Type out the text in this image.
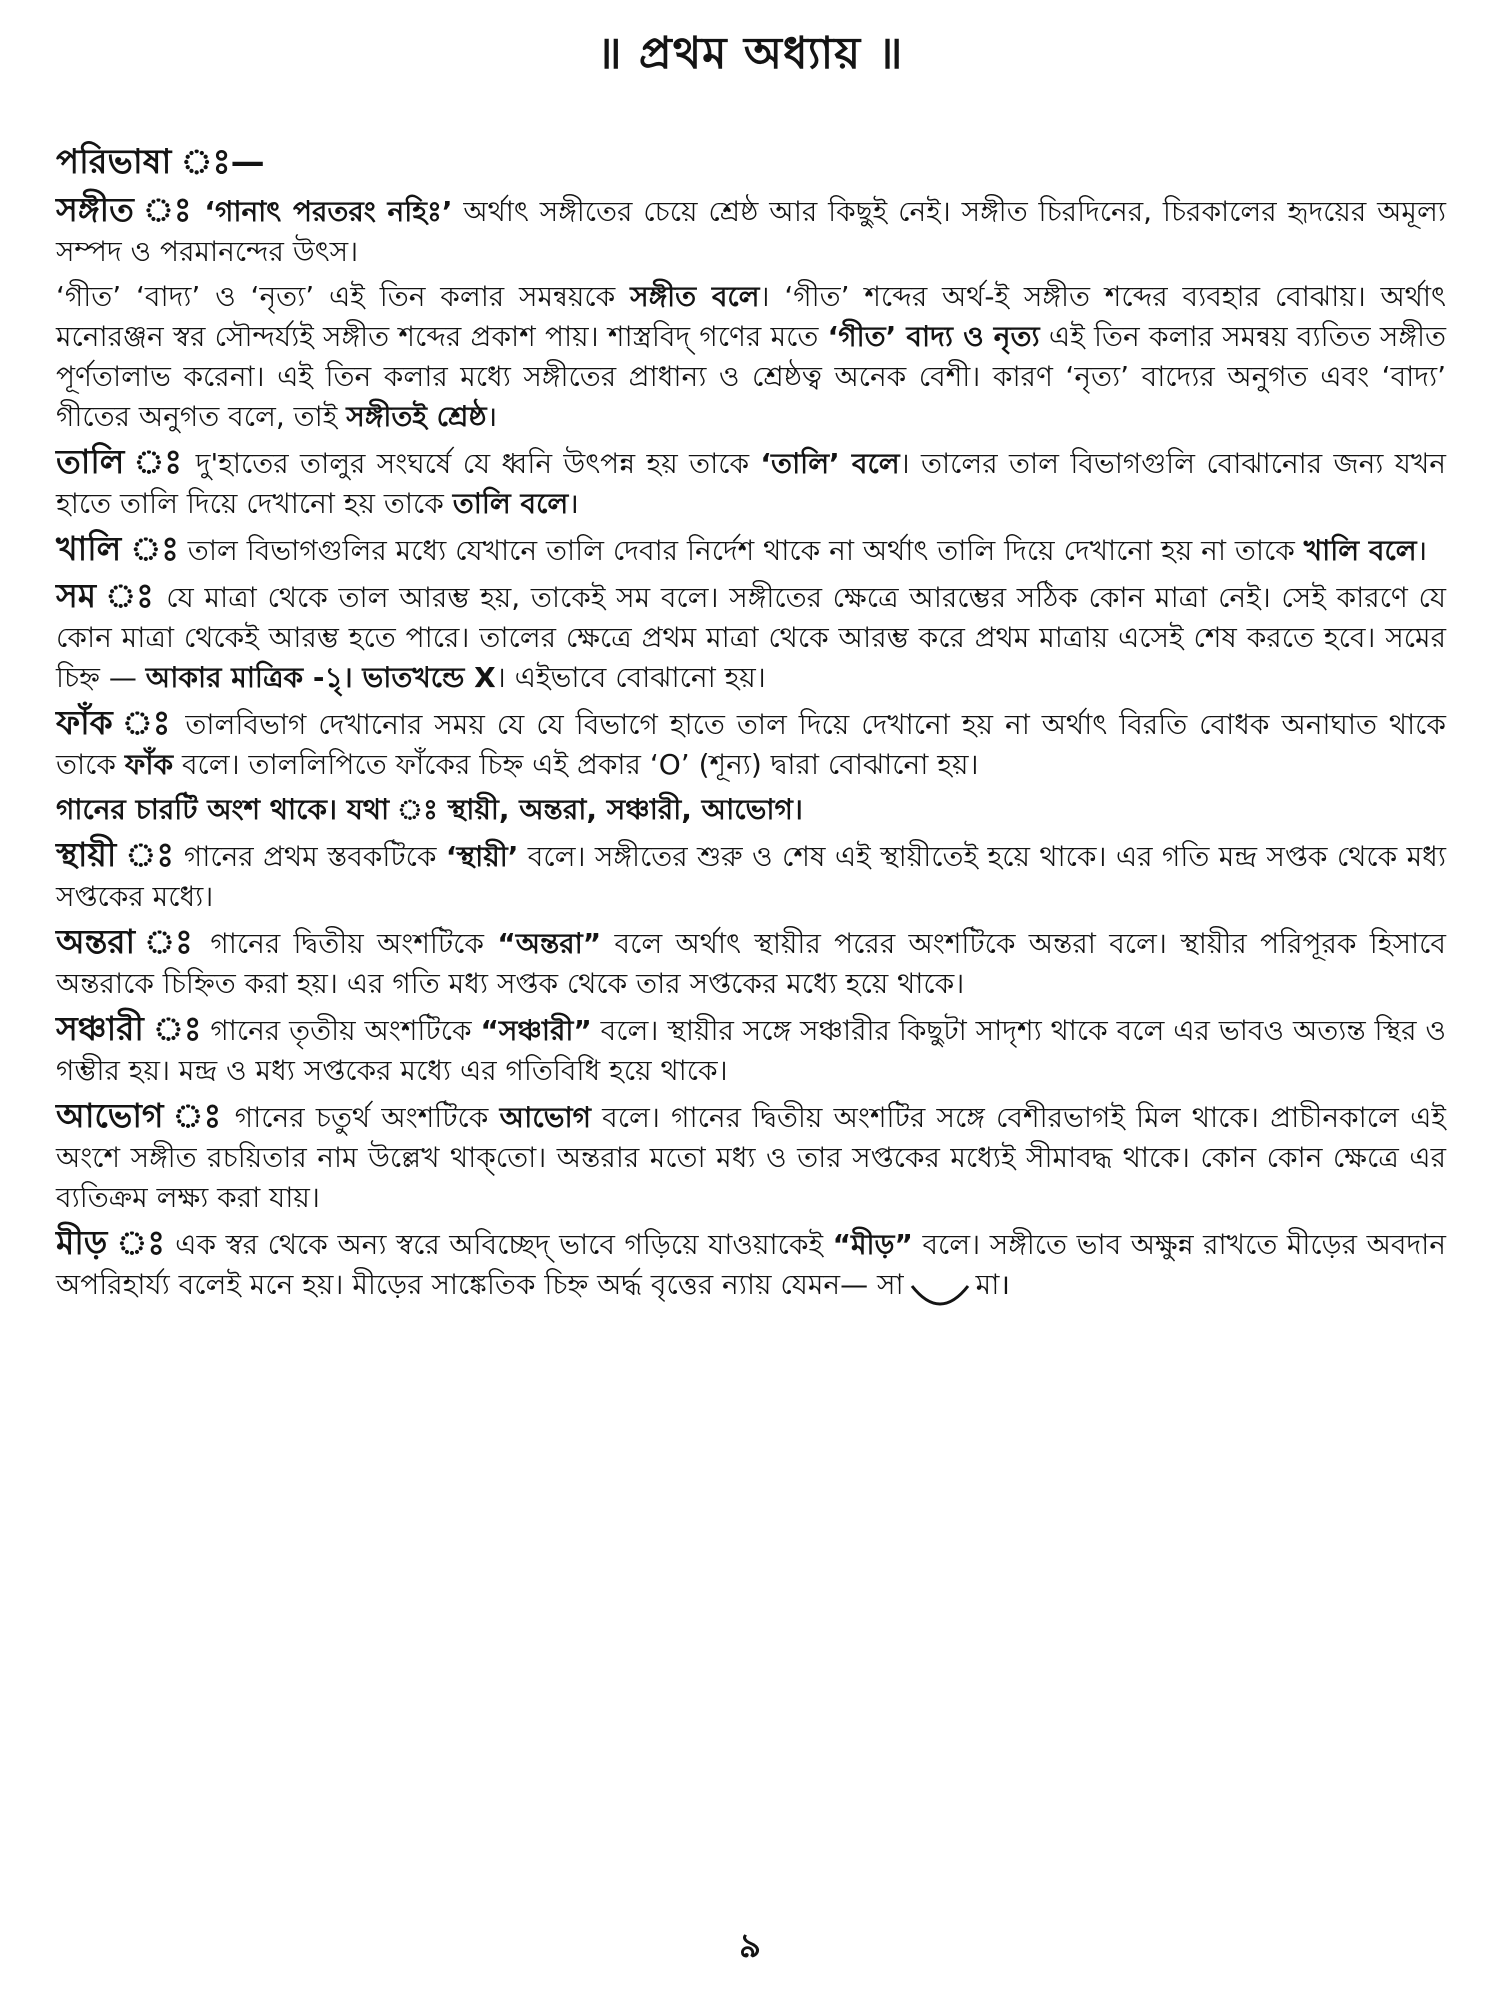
॥ প্রথম অধ্যায় ॥
পরিভাষা ঃ—

সঙ্গীত ঃ ‘গানাৎ পরতরং নহিঃ’ অর্থাৎ সঙ্গীতের চেয়ে শ্রেষ্ঠ আর কিছুই নেই। সঙ্গীত চিরদিনের, চিরকালের হৃদয়ের অমূল্য সম্পদ ও পরমানন্দের উৎস।

‘গীত’ ‘বাদ্য’ ও ‘নৃত্য’ এই তিন কলার সমন্বয়কে সঙ্গীত বলে। ‘গীত’ শব্দের অর্থ-ই সঙ্গীত শব্দের ব্যবহার বোঝায়। অর্থাৎ মনোরঞ্জন স্বর সৌন্দর্য্যই সঙ্গীত শব্দের প্রকাশ পায়। শাস্ত্রবিদ্ গণের মতে ‘গীত’ বাদ্য ও নৃত্য এই তিন কলার সমন্বয় ব্যতিত সঙ্গীত পূর্ণতালাভ করেনা। এই তিন কলার মধ্যে সঙ্গীতের প্রাধান্য ও শ্রেষ্ঠত্ব অনেক বেশী। কারণ ‘নৃত্য’ বাদ্যের অনুগত এবং ‘বাদ্য’ গীতের অনুগত বলে, তাই সঙ্গীতই শ্রেষ্ঠ।

তালি ঃ দু'হাতের তালুর সংঘর্ষে যে ধ্বনি উৎপন্ন হয় তাকে ‘তালি’ বলে। তালের তাল বিভাগগুলি বোঝানোর জন্য যখন হাতে তালি দিয়ে দেখানো হয় তাকে তালি বলে।

খালি ঃ তাল বিভাগগুলির মধ্যে যেখানে তালি দেবার নির্দেশ থাকে না অর্থাৎ তালি দিয়ে দেখানো হয় না তাকে খালি বলে।

সম ঃ যে মাত্রা থেকে তাল আরম্ভ হয়, তাকেই সম বলে। সঙ্গীতের ক্ষেত্রে আরম্ভের সঠিক কোন মাত্রা নেই। সেই কারণে যে কোন মাত্রা থেকেই আরম্ভ হতে পারে। তালের ক্ষেত্রে প্রথম মাত্রা থেকে আরম্ভ করে প্রথম মাত্রায় এসেই শেষ করতে হবে। সমের চিহ্ন — আকার মাত্রিক -১ৃ। ভাতখন্ডে X। এইভাবে বোঝানো হয়।

ফাঁক ঃ তালবিভাগ দেখানোর সময় যে যে বিভাগে হাতে তাল দিয়ে দেখানো হয় না অর্থাৎ বিরতি বোধক অনাঘাত থাকে তাকে ফাঁক বলে। তাললিপিতে ফাঁকের চিহ্ন এই প্রকার ‘O’ (শূন্য) দ্বারা বোঝানো হয়।

গানের চারটি অংশ থাকে। যথা ঃ স্থায়ী, অন্তরা, সঞ্চারী, আভোগ।

স্থায়ী ঃ গানের প্রথম স্তবকটিকে ‘স্থায়ী’ বলে। সঙ্গীতের শুরু ও শেষ এই স্থায়ীতেই হয়ে থাকে। এর গতি মন্দ্র সপ্তক থেকে মধ্য সপ্তকের মধ্যে।

অন্তরা ঃ গানের দ্বিতীয় অংশটিকে “অন্তরা” বলে অর্থাৎ স্থায়ীর পরের অংশটিকে অন্তরা বলে। স্থায়ীর পরিপূরক হিসাবে অন্তরাকে চিহ্নিত করা হয়। এর গতি মধ্য সপ্তক থেকে তার সপ্তকের মধ্যে হয়ে থাকে।

সঞ্চারী ঃ গানের তৃতীয় অংশটিকে “সঞ্চারী” বলে। স্থায়ীর সঙ্গে সঞ্চারীর কিছুটা সাদৃশ্য থাকে বলে এর ভাবও অত্যন্ত স্থির ও গম্ভীর হয়। মন্দ্র ও মধ্য সপ্তকের মধ্যে এর গতিবিধি হয়ে থাকে।

আভোগ ঃ গানের চতুর্থ অংশটিকে আভোগ বলে। গানের দ্বিতীয় অংশটির সঙ্গে বেশীরভাগই মিল থাকে। প্রাচীনকালে এই অংশে সঙ্গীত রচয়িতার নাম উল্লেখ থাক্‌তো। অন্তরার মতো মধ্য ও তার সপ্তকের মধ্যেই সীমাবদ্ধ থাকে। কোন কোন ক্ষেত্রে এর ব্যতিক্রম লক্ষ্য করা যায়।

মীড় ঃ এক স্বর থেকে অন্য স্বরে অবিচ্ছেদ্ ভাবে গড়িয়ে যাওয়াকেই “মীড়” বলে। সঙ্গীতে ভাব অক্ষুন্ন রাখতে মীড়ের অবদান অপরিহার্য্য বলেই মনে হয়। মীড়ের সাঙ্কেতিক চিহ্ন অর্দ্ধ বৃত্তের ন্যায় যেমন— সা	মা।

৯
